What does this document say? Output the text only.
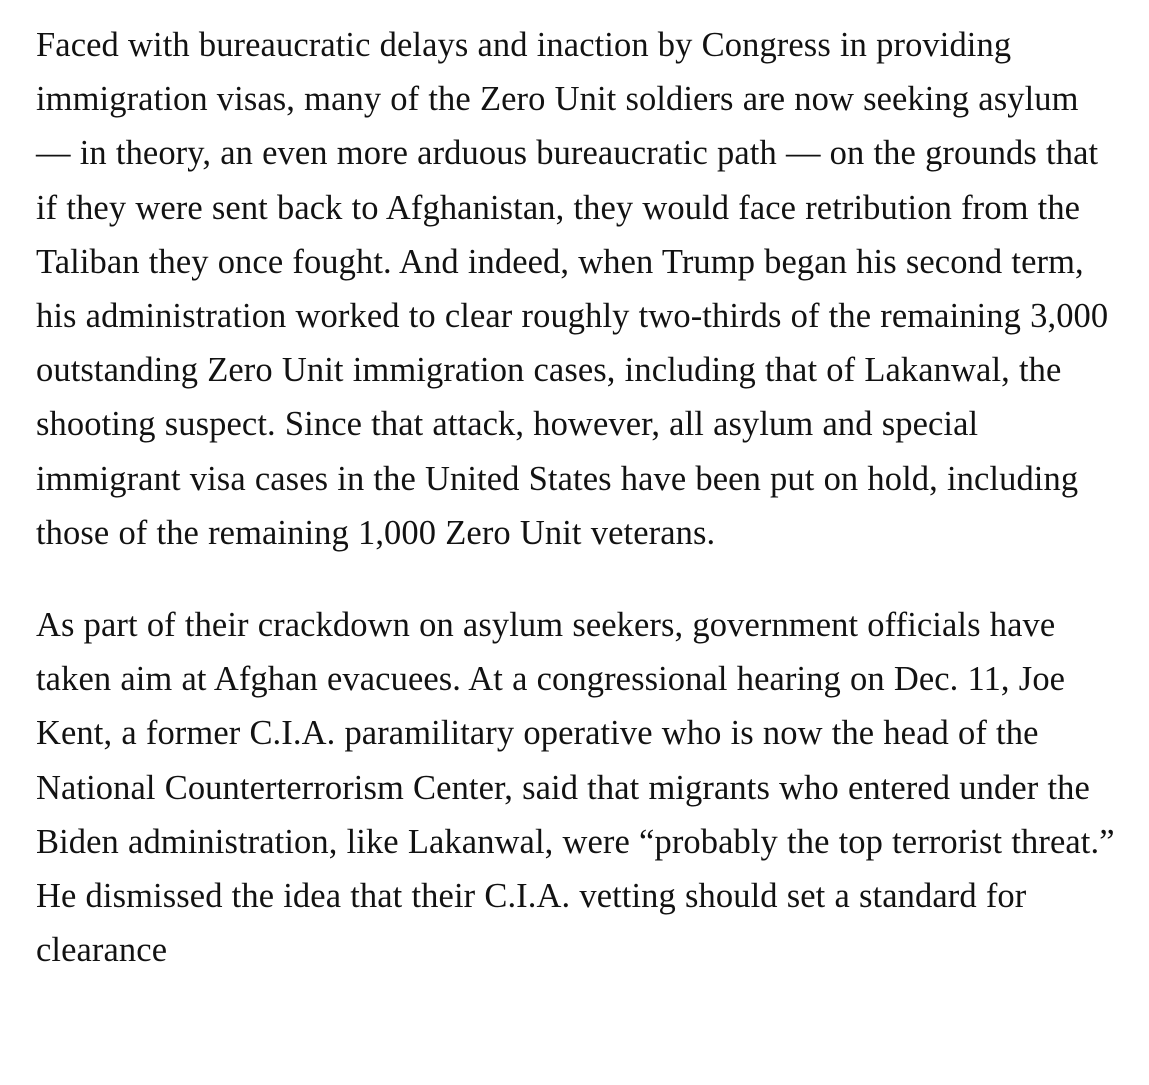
Faced with bureaucratic delays and inaction by Congress in providing immigration visas, many of the Zero Unit soldiers are now seeking asylum — in theory, an even more arduous bureaucratic path — on the grounds that if they were sent back to Afghanistan, they would face retribution from the Taliban they once fought. And indeed, when Trump began his second term, his administration worked to clear roughly two-thirds of the remaining 3,000 outstanding Zero Unit immigration cases, including that of Lakanwal, the shooting suspect. Since that attack, however, all asylum and special immigrant visa cases in the United States have been put on hold, including those of the remaining 1,000 Zero Unit veterans.

As part of their crackdown on asylum seekers, government officials have taken aim at Afghan evacuees. At a congressional hearing on Dec. 11, Joe Kent, a former C.I.A. paramilitary operative who is now the head of the National Counterterrorism Center, said that migrants who entered under the Biden administration, like Lakanwal, were “probably the top terrorist threat.” He dismissed the idea that their C.I.A. vetting should set a standard for clearance
